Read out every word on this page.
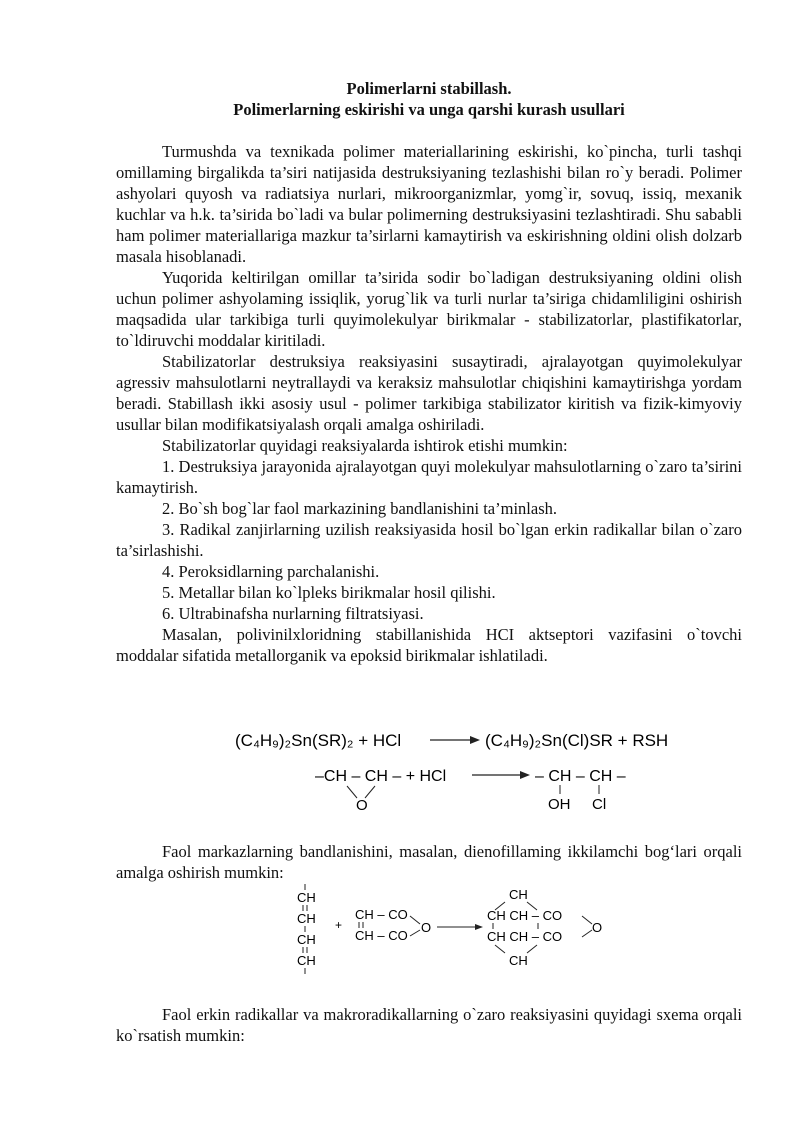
Polimerlarni stabillash.
Polimerlarning eskirishi va unga qarshi kurash usullari

Turmushda va texnikada polimer materiallarining eskirishi, ko`pincha, turli tashqi omillaming birgalikda ta’siri natijasida destruksiyaning tezlashishi bilan ro`y beradi. Polimer ashyolari quyosh va radiatsiya nurlari, mikroorganizmlar, yomg`ir, sovuq, issiq, mexanik kuchlar va h.k. ta’sirida bo`ladi va bular polimerning destruksiyasini tezlashtiradi. Shu sababli ham polimer materiallariga mazkur ta’sirlarni kamaytirish va eskirishning oldini olish dolzarb masala hisoblanadi.

Yuqorida keltirilgan omillar ta’sirida sodir bo`ladigan destruksiyaning oldini olish uchun polimer ashyolaming issiqlik, yorug`lik va turli nurlar ta’siriga chidamliligini oshirish maqsadida ular tarkibiga turli quyimolekulyar birikmalar - stabilizatorlar, plastifikatorlar, to`ldiruvchi moddalar kiritiladi.

Stabilizatorlar destruksiya reaksiyasini susaytiradi, ajralayotgan quyimolekulyar agressiv mahsulotlarni neytrallaydi va keraksiz mahsulotlar chiqishini kamaytirishga yordam beradi. Stabillash ikki asosiy usul - polimer tarkibiga stabilizator kiritish va fizik-kimyoviy usullar bilan modifikatsiyalash orqali amalga oshiriladi.

Stabilizatorlar quyidagi reaksiyalarda ishtirok etishi mumkin:

1. Destruksiya jarayonida ajralayotgan quyi molekulyar mahsulotlarning o`zaro ta’sirini kamaytirish.

2. Bo`sh bog`lar faol markazining bandlanishini ta’minlash.

3. Radikal zanjirlarning uzilish reaksiyasida hosil bo`lgan erkin radikallar bilan o`zaro ta’sirlashishi.

4. Peroksidlarning parchalanishi.

5. Metallar bilan ko`lpleks birikmalar hosil qilishi.

6. Ultrabinafsha nurlarning filtratsiyasi.

Masalan, polivinilxloridning stabillanishida HCI aktseptori vazifasini o`tovchi moddalar sifatida metallorganik va epoksid birikmalar ishlatiladi.

(C₄H₉)₂Sn(SR)₂ + HCl	(C₄H₉)₂Sn(Cl)SR + RSH
–CH – CH – + HCl
O
– CH – CH –
OH Cl

Faol markazlarning bandlanishini, masalan, dienofillaming ikkilamchi bog‘lari orqali amalga oshirish mumkin:

CH
CH
CH
CH
+
CH – CO
CH – CO
O
CH
CH CH – CO
CH CH – CO
CH
O

Faol erkin radikallar va makroradikallarning o`zaro reaksiyasini quyidagi sxema orqali ko`rsatish mumkin:
